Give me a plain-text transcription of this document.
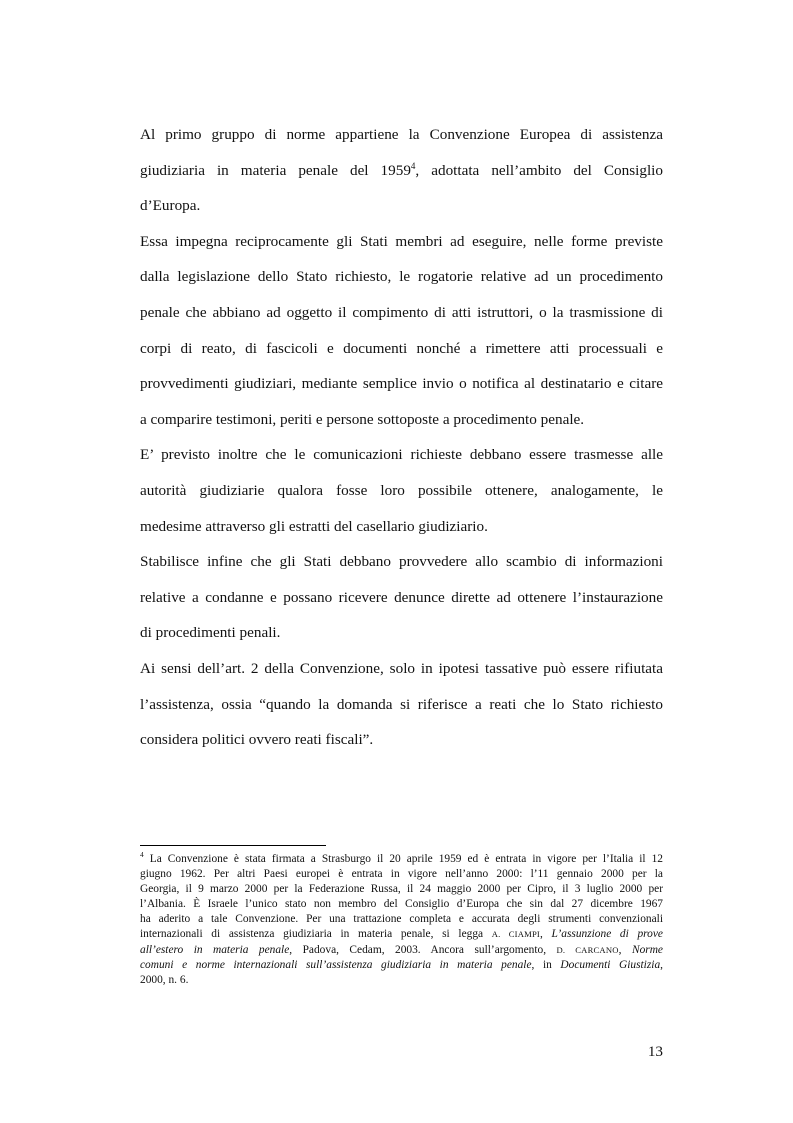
Al primo gruppo di norme appartiene la Convenzione Europea di assistenza
giudiziaria in materia penale del 1959$^4$, adottata nell’ambito del Consiglio
d’Europa.
Essa impegna reciprocamente gli Stati membri ad eseguire, nelle forme previste
dalla legislazione dello Stato richiesto, le rogatorie relative ad un procedimento
penale che abbiano ad oggetto il compimento di atti istruttori, o la trasmissione di
corpi di reato, di fascicoli e documenti nonché a rimettere atti processuali e
provvedimenti giudiziari, mediante semplice invio o notifica al destinatario e citare
a comparire testimoni, periti e persone sottoposte a procedimento penale.
E’ previsto inoltre che le comunicazioni richieste debbano essere trasmesse alle
autorità giudiziarie qualora fosse loro possibile ottenere, analogamente, le
medesime attraverso gli estratti del casellario giudiziario.
Stabilisce infine che gli Stati debbano provvedere allo scambio di informazioni
relative a condanne e possano ricevere denunce dirette ad ottenere l’instaurazione
di procedimenti penali.
Ai sensi dell’art. 2 della Convenzione, solo in ipotesi tassative può essere rifiutata
l’assistenza, ossia “quando la domanda si riferisce a reati che lo Stato richiesto
considera politici ovvero reati fiscali”.
$^4$ La Convenzione è stata firmata a Strasburgo il 20 aprile 1959 ed è entrata in vigore per l’Italia il 12
giugno 1962. Per altri Paesi europei è entrata in vigore nell’anno 2000: l’11 gennaio 2000 per la
Georgia, il 9 marzo 2000 per la Federazione Russa, il 24 maggio 2000 per Cipro, il 3 luglio 2000 per
l’Albania. È Israele l’unico stato non membro del Consiglio d’Europa che sin dal 27 dicembre 1967
ha aderito a tale Convenzione. Per una trattazione completa e accurata degli strumenti convenzionali
internazionali di assistenza giudiziaria in materia penale, si legga A. CIAMPI, L’assunzione di prove
all’estero in materia penale, Padova, Cedam, 2003. Ancora sull’argomento, D. CARCANO, Norme
comuni e norme internazionali sull’assistenza giudiziaria in materia penale, in Documenti Giustizia,
2000, n. 6.
13
